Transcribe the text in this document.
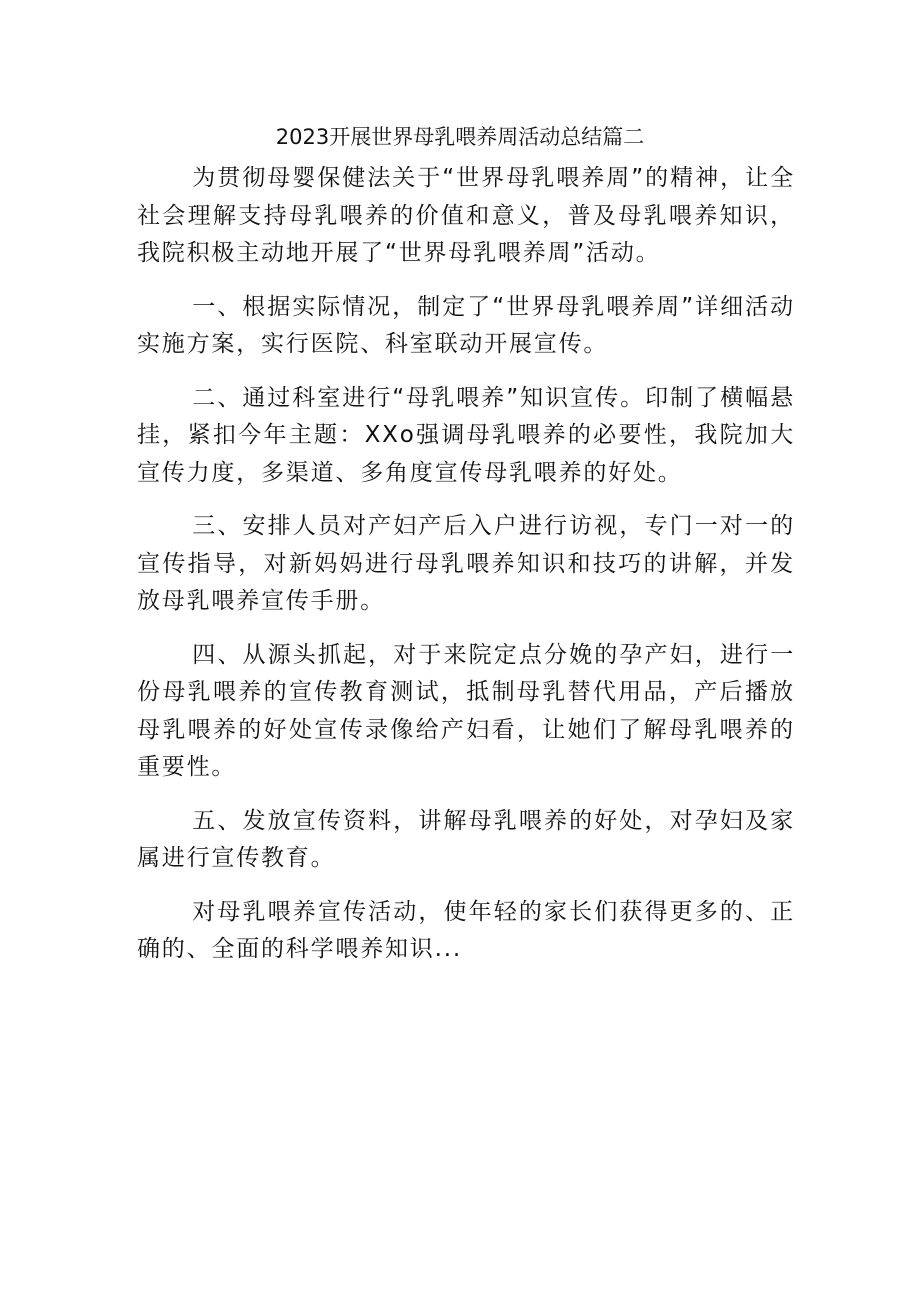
2023开展世界母乳喂养周活动总结篇二

为贯彻母婴保健法关于“世界母乳喂养周”的精神，让全社会理解支持母乳喂养的价值和意义，普及母乳喂养知识，我院积极主动地开展了“世界母乳喂养周”活动。

一、根据实际情况，制定了“世界母乳喂养周”详细活动实施方案，实行医院、科室联动开展宣传。

二、通过科室进行“母乳喂养”知识宣传。印制了横幅悬挂，紧扣今年主题：XXo强调母乳喂养的必要性，我院加大宣传力度，多渠道、多角度宣传母乳喂养的好处。

三、安排人员对产妇产后入户进行访视，专门一对一的宣传指导，对新妈妈进行母乳喂养知识和技巧的讲解，并发放母乳喂养宣传手册。

四、从源头抓起，对于来院定点分娩的孕产妇，进行一份母乳喂养的宣传教育测试，抵制母乳替代用品，产后播放母乳喂养的好处宣传录像给产妇看，让她们了解母乳喂养的重要性。

五、发放宣传资料，讲解母乳喂养的好处，对孕妇及家属进行宣传教育。

对母乳喂养宣传活动，使年轻的家长们获得更多的、正确的、全面的科学喂养知识...
